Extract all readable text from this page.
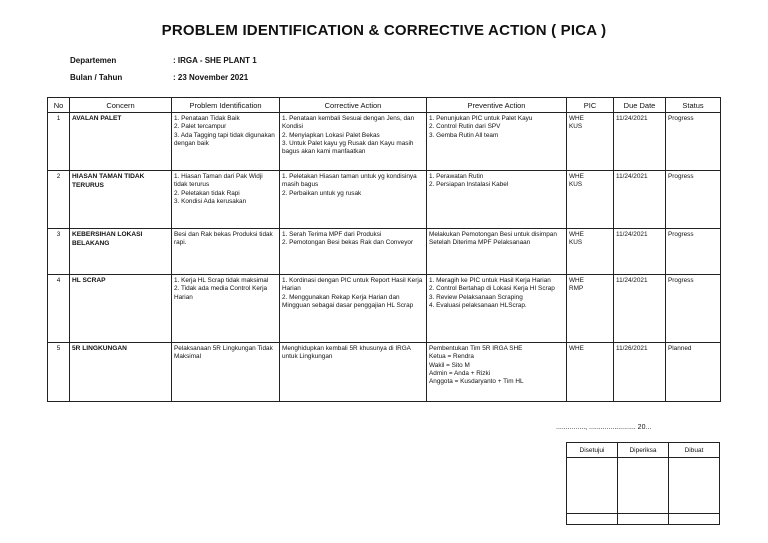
PROBLEM IDENTIFICATION & CORRECTIVE ACTION ( PICA )
Departemen	: IRGA - SHE PLANT 1
Bulan / Tahun	: 23 November 2021
No	Concern	Problem Identification	Corrective Action	Preventive Action	PIC	Due Date	Status
1	AVALAN PALET	1. Penataan Tidak Baik
2. Palet tercampur
3. Ada Tagging tapi tidak digunakan dengan baik	1. Penataan kembali Sesuai dengan Jens, dan Kondisi
2. Menyiapkan Lokasi Palet Bekas
3. Untuk Palet kayu yg Rusak dan Kayu masih bagus akan kami manfaatkan	1. Penunjukan PIC untuk Palet Kayu
2. Control Rutin dari SPV
3. Gemba Rutin All team	WHE
KUS	11/24/2021	Progress
2	HIASAN TAMAN TIDAK TERURUS	1. Hiasan Taman dari Pak Widji tidak terurus
2. Peletakan tidak Rapi
3. Kondisi Ada kerusakan	1. Peletakan Hiasan taman untuk yg kondisinya masih bagus
2. Perbaikan untuk yg rusak	1. Perawatan Rutin
2. Persiapan Instalasi Kabel	WHE
KUS	11/24/2021	Progress
3	KEBERSIHAN LOKASI BELAKANG	Besi dan Rak bekas Produksi tidak rapi.	1. Serah Terima MPF dari Produksi
2. Pemotongan Besi bekas Rak dan Conveyor	Melakukan Pemotongan Besi untuk disimpan Setelah Diterima MPF Pelaksanaan	WHE
KUS	11/24/2021	Progress
4	HL SCRAP	1. Kerja HL Scrap tidak maksimal
2. Tidak ada media Control Kerja Harian	1. Kordinasi dengan PIC untuk Report Hasil Kerja Harian
2. Menggunakan Rekap Kerja Harian dan Mingguan sebagai dasar penggajian HL Scrap	1. Meragih ke PIC untuk Hasil Kerja Harian
2. Control Bertahap di Lokasi Kerja HI Scrap
3. Review Pelaksanaan Scraping
4. Evaluasi pelaksanaan HLScrap.	WHE
RMP	11/24/2021	Progress
5	5R LINGKUNGAN	Pelaksanaan 5R Lingkungan Tidak Maksimal	Menghidupkan kembali 5R khusunya di IRGA untuk Lingkungan	Pembentukan Tim 5R IRGA SHE
Ketua = Rendra
Wakil = Sito M
Admin = Anda + Rizki
Anggota = Kusdaryanto + Tim HL	WHE	11/26/2021	Planned
..............., ........................ 20...
Disetujui	Diperiksa	Dibuat
